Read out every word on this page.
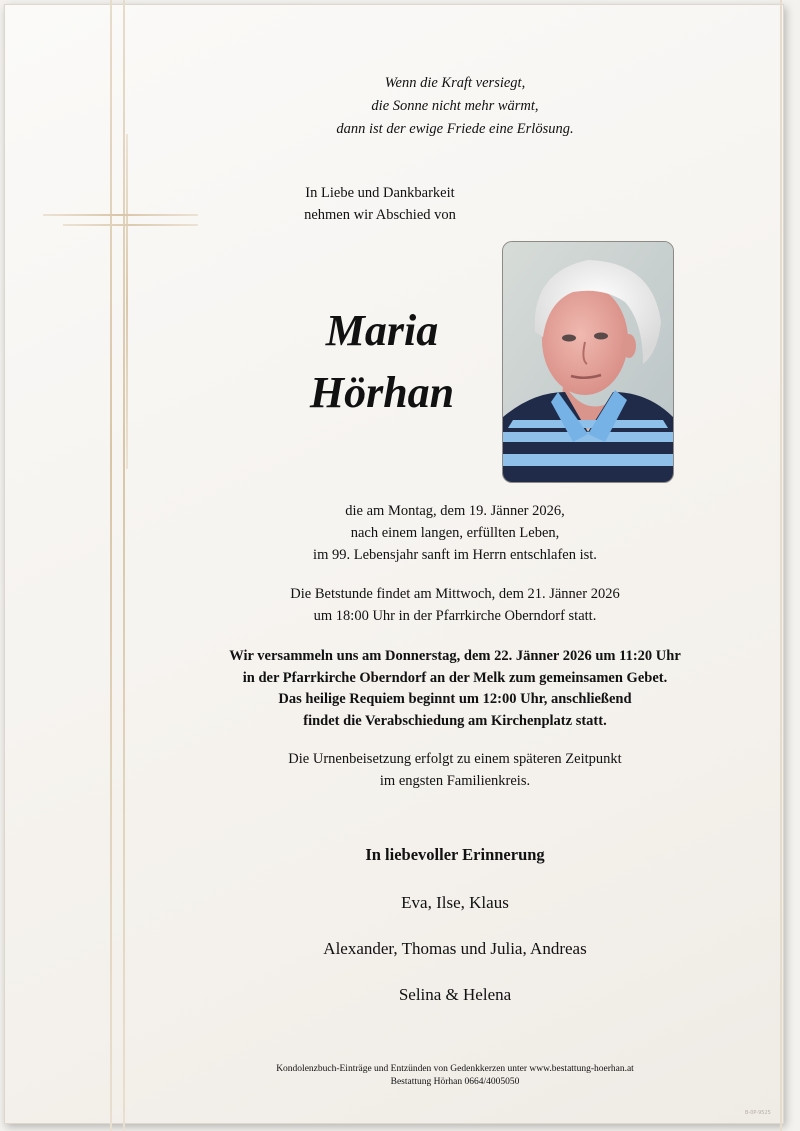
Wenn die Kraft versiegt,
die Sonne nicht mehr wärmt,
dann ist der ewige Friede eine Erlösung.
In Liebe und Dankbarkeit
nehmen wir Abschied von
Maria
Hörhan
die am Montag, dem 19. Jänner 2026,
nach einem langen, erfüllten Leben,
im 99. Lebensjahr sanft im Herrn entschlafen ist.
Die Betstunde findet am Mittwoch, dem 21. Jänner 2026
um 18:00 Uhr in der Pfarrkirche Oberndorf statt.
Wir versammeln uns am Donnerstag, dem 22. Jänner 2026 um 11:20 Uhr
in der Pfarrkirche Oberndorf an der Melk zum gemeinsamen Gebet.
Das heilige Requiem beginnt um 12:00 Uhr, anschließend
findet die Verabschiedung am Kirchenplatz statt.
Die Urnenbeisetzung erfolgt zu einem späteren Zeitpunkt
im engsten Familienkreis.
In liebevoller Erinnerung
Eva, Ilse, Klaus
Alexander, Thomas und Julia, Andreas
Selina & Helena
Kondolenzbuch-Einträge und Entzünden von Gedenkkerzen unter www.bestattung-hoerhan.at
Bestattung Hörhan 0664/4005050
B-0P-9525
